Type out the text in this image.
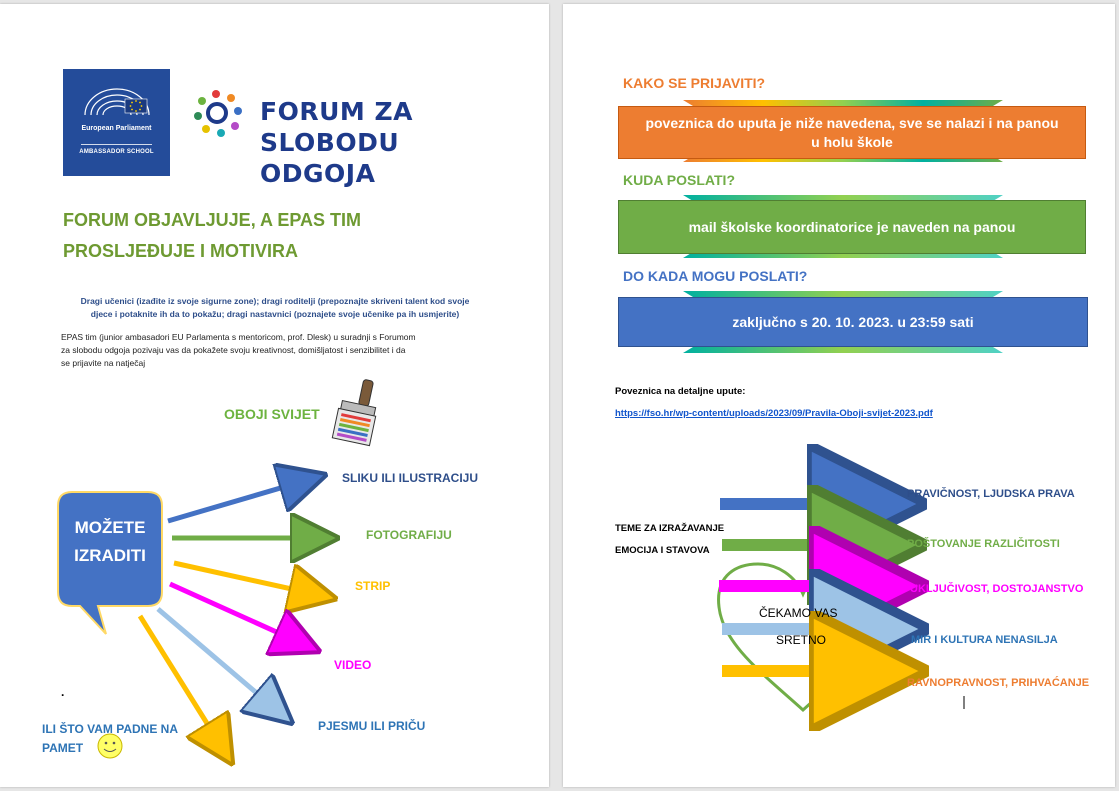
European Parliament
AMBASSADOR SCHOOL
FORUM ZA
SLOBODU
ODGOJA
FORUM OBJAVLJUJE, A EPAS TIM
PROSLJEĐUJE I MOTIVIRA
Dragi učenici (izađite iz svoje sigurne zone); dragi roditelji (prepoznajte skriveni talent kod svoje
djece i potaknite ih da to pokažu; dragi nastavnici (poznajete svoje učenike pa ih usmjerite)
EPAS tim (junior ambasadori EU Parlamenta s mentoricom, prof. Dlesk) u suradnji s Forumom
za slobodu odgoja pozivaju vas da pokažete svoju kreativnost, domišljatost i senzibilitet i da
se prijavite na natječaj
OBOJI SVIJET
MOŽETE
IZRADITI
SLIKU ILI ILUSTRACIJU
FOTOGRAFIJU
STRIP
VIDEO
PJESMU ILI PRIČU
.
ILI ŠTO VAM PADNE NA
PAMET
KAKO SE PRIJAVITI?
poveznica do uputa je niže navedena, sve se nalazi i na panou
u holu škole
KUDA POSLATI?
mail školske koordinatorice je naveden na panou
DO KADA MOGU POSLATI?
zaključno s 20. 10. 2023. u 23:59 sati
Poveznica na detaljne upute:
https://fso.hr/wp-content/uploads/2023/09/Pravila-Oboji-svijet-2023.pdf
TEME ZA IZRAŽAVANJE
EMOCIJA I STAVOVA
PRAVIČNOST, LJUDSKA PRAVA
POŠTOVANJE RAZLIČITOSTI
UKLJUČIVOST, DOSTOJANSTVO
MIR I KULTURA NENASILJA
RAVNOPRAVNOST, PRIHVAĆANJE
ČEKAMO VAS
SRETNO
